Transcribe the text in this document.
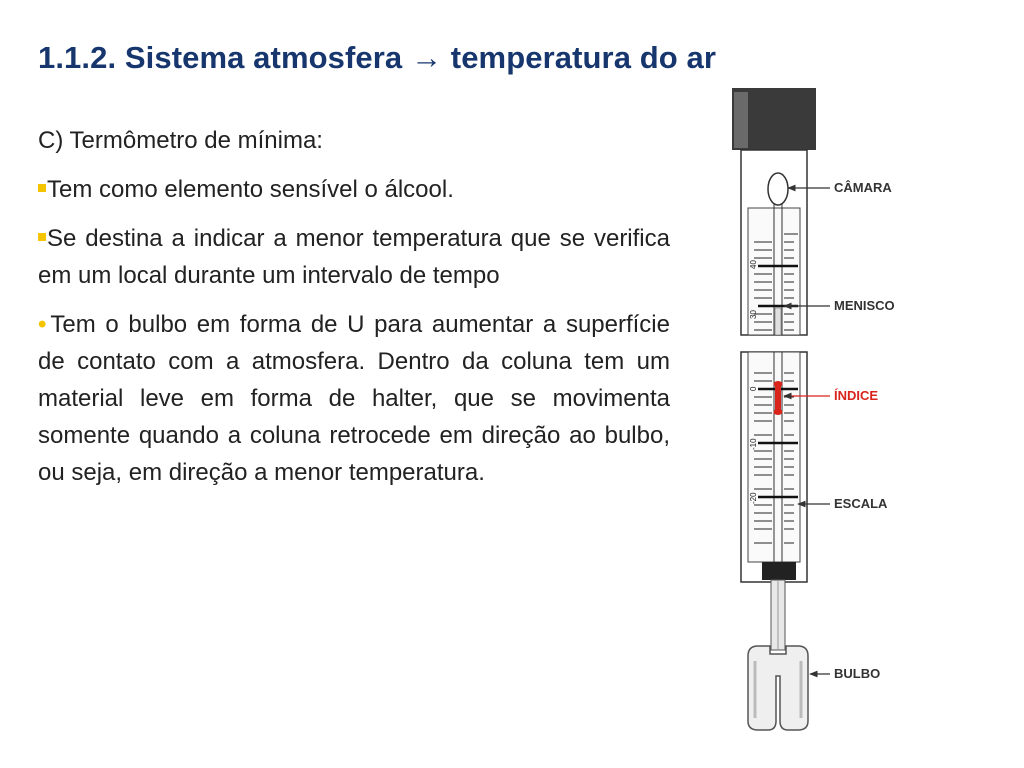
1.1.2. Sistema atmosfera → temperatura do ar

C) Termômetro de mínima:

Tem como elemento sensível o álcool.

Se destina a indicar a menor temperatura que se verifica em um local durante um intervalo de tempo

• Tem o bulbo em forma de U para aumentar a superfície de contato com a atmosfera. Dentro da coluna tem um material leve em forma de halter, que se movimenta somente quando a coluna retrocede em direção ao bulbo, ou seja, em direção a menor temperatura.

40
30
0
-10
-20
CÂMARA
MENISCO
ÍNDICE
ESCALA
BULBO
